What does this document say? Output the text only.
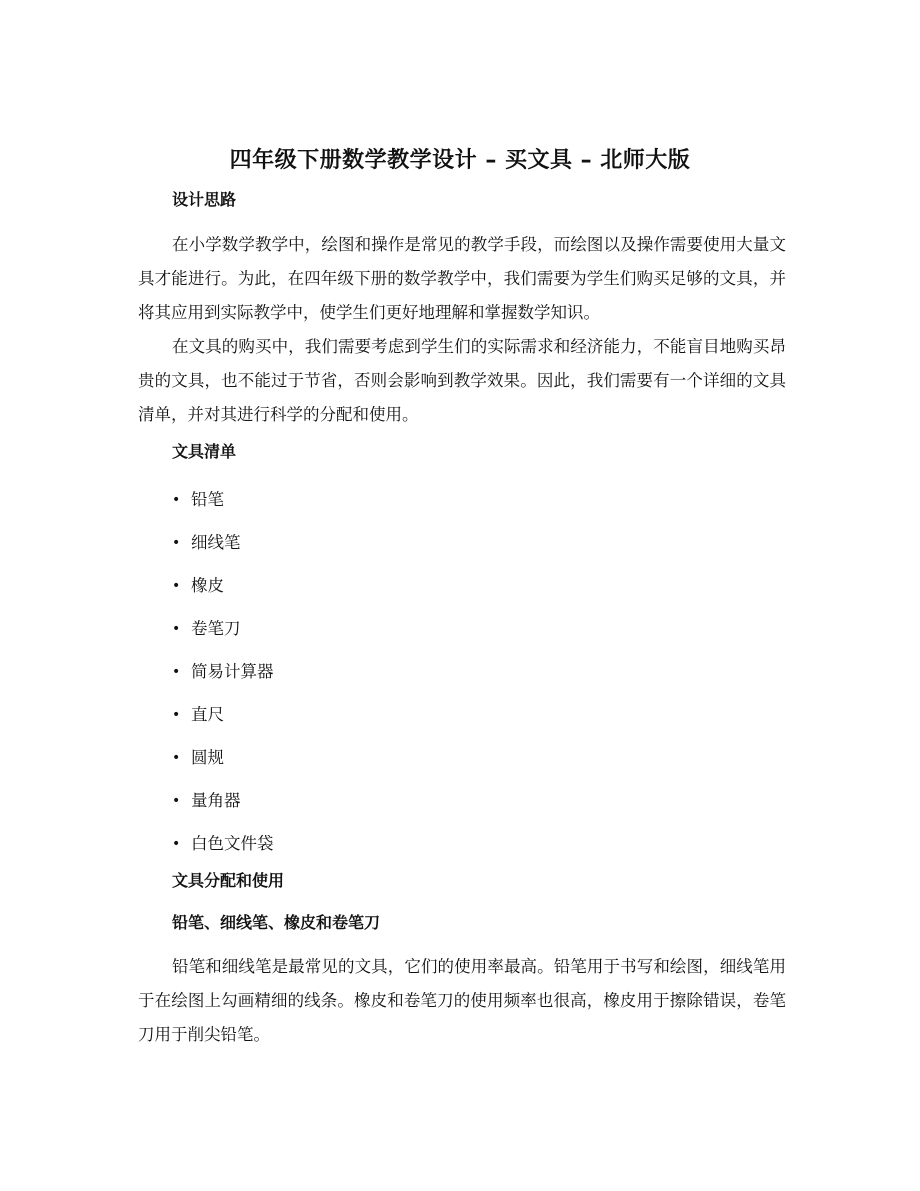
四年级下册数学教学设计 – 买文具 – 北师大版
设计思路

在小学数学教学中，绘图和操作是常见的教学手段，而绘图以及操作需要使用大量文具才能进行。为此，在四年级下册的数学教学中，我们需要为学生们购买足够的文具，并将其应用到实际教学中，使学生们更好地理解和掌握数学知识。

在文具的购买中，我们需要考虑到学生们的实际需求和经济能力，不能盲目地购买昂贵的文具，也不能过于节省，否则会影响到教学效果。因此，我们需要有一个详细的文具清单，并对其进行科学的分配和使用。

文具清单
• 铅笔
• 细线笔
• 橡皮
• 卷笔刀
• 简易计算器
• 直尺
• 圆规
• 量角器
• 白色文件袋
文具分配和使用
铅笔、细线笔、橡皮和卷笔刀

铅笔和细线笔是最常见的文具，它们的使用率最高。铅笔用于书写和绘图，细线笔用于在绘图上勾画精细的线条。橡皮和卷笔刀的使用频率也很高，橡皮用于擦除错误，卷笔刀用于削尖铅笔。
